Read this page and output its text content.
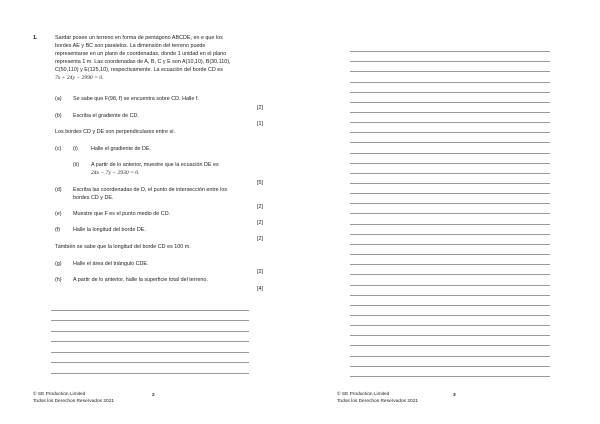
1.	Sardar posee un terreno en forma de pentágono ABCDE, en e que los
bordes AE y BC son paralelos. La dimensión del terreno puede
representarse en un plano de coordenadas, donde 1 unidad en el plano
representa 1 m. Las coordenadas de A, B, C y E son A(10,10), B(30,110),
C(50,110) y E(125,10), respectivamente. La ecuación del borde CD es
7x + 24y − 2990 = 0.
(a) Se sabe que F(98, f) se encuentra sobre CD. Halle f.
[2]
(b) Escriba el gradiente de CD.
[1]
Los bordes CD y DE son perpendiculares entre sí.
(c) (i) Halle el gradiente de DE.
(ii) A partir de lo anterior, muestre que la ecuación DE es
24x − 7y − 2930 = 0.
[5]
(d) Escriba las coordenadas de D, el punto de intersección entre los
bordes CD y DE.
[2]
(e) Muestre que F es el punto medio de CD.
[2]
(f) Halle la longitud del borde DE.
[2]
También se sabe que la longitud del borde CD es 100 m.
(g) Halle el área del triángulo CDE.
[2]
(h) A partir de lo anterior, halle la superficie total del terreno.
[4]
© SE Production Limited
Todos los Derechos Reservados 2021
2	© SE Production Limited
Todos los Derechos Reservados 2021
3
